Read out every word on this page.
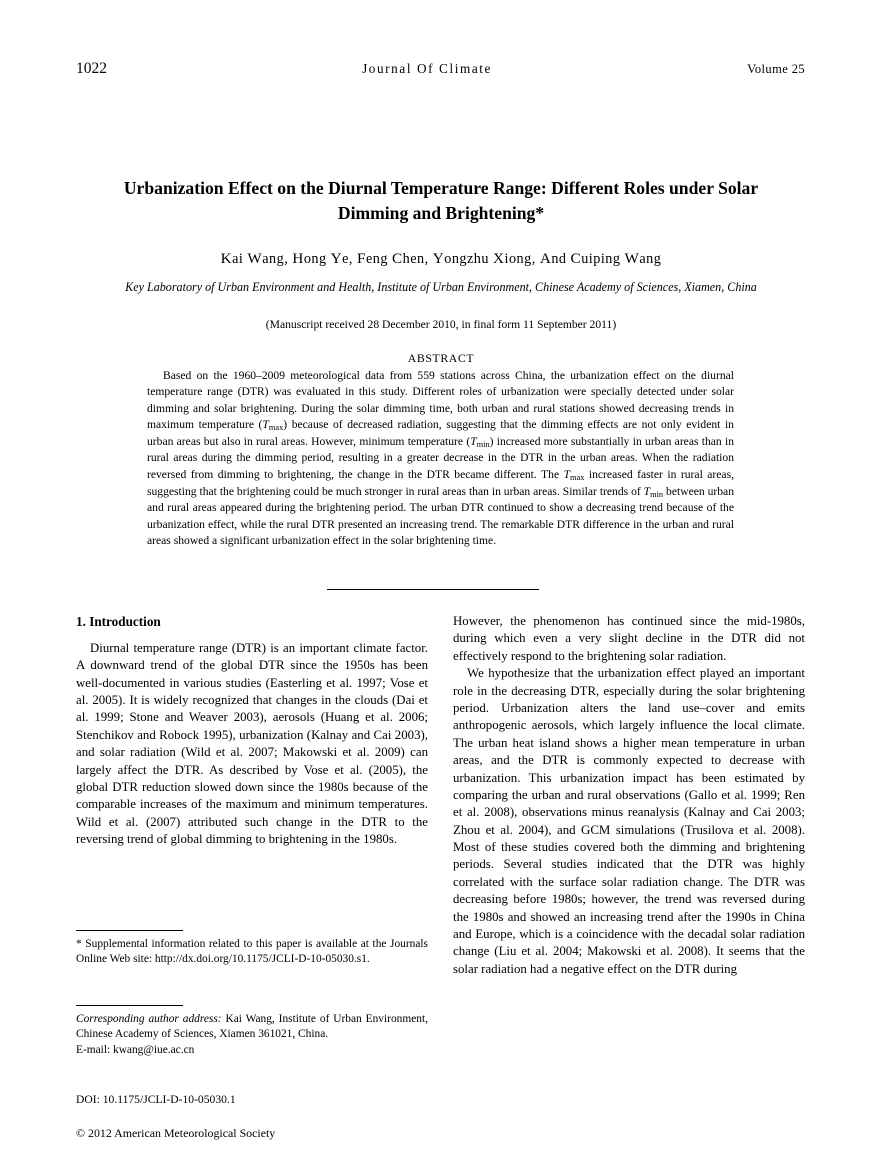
1022	Journal Of Climate	Volume 25
Urbanization Effect on the Diurnal Temperature Range: Different Roles under Solar Dimming and Brightening*
Kai Wang, Hong Ye, Feng Chen, Yongzhu Xiong, And Cuiping Wang
Key Laboratory of Urban Environment and Health, Institute of Urban Environment, Chinese Academy of Sciences, Xiamen, China
(Manuscript received 28 December 2010, in final form 11 September 2011)
ABSTRACT
Based on the 1960–2009 meteorological data from 559 stations across China, the urbanization effect on the diurnal temperature range (DTR) was evaluated in this study. Different roles of urbanization were specially detected under solar dimming and solar brightening. During the solar dimming time, both urban and rural stations showed decreasing trends in maximum temperature $(T_{max})$ because of decreased radiation, suggesting that the dimming effects are not only evident in urban areas but also in rural areas. However, minimum temperature $(T_{min})$ increased more substantially in urban areas than in rural areas during the dimming period, resulting in a greater decrease in the DTR in the urban areas. When the radiation reversed from dimming to brightening, the change in the DTR became different. The $T_{max}$ increased faster in rural areas, suggesting that the brightening could be much stronger in rural areas than in urban areas. Similar trends of $T_{min}$ between urban and rural areas appeared during the brightening period. The urban DTR continued to show a decreasing trend because of the urbanization effect, while the rural DTR presented an increasing trend. The remarkable DTR difference in the urban and rural areas showed a significant urbanization effect in the solar brightening time.
1. Introduction

Diurnal temperature range (DTR) is an important climate factor. A downward trend of the global DTR since the 1950s has been well-documented in various studies (Easterling et al. 1997; Vose et al. 2005). It is widely recognized that changes in the clouds (Dai et al. 1999; Stone and Weaver 2003), aerosols (Huang et al. 2006; Stenchikov and Robock 1995), urbanization (Kalnay and Cai 2003), and solar radiation (Wild et al. 2007; Makowski et al. 2009) can largely affect the DTR. As described by Vose et al. (2005), the global DTR reduction slowed down since the 1980s because of the comparable increases of the maximum and minimum temperatures. Wild et al. (2007) attributed such change in the DTR to the reversing trend of global dimming to brightening in the 1980s.

However, the phenomenon has continued since the mid-1980s, during which even a very slight decline in the DTR did not effectively respond to the brightening solar radiation.

We hypothesize that the urbanization effect played an important role in the decreasing DTR, especially during the solar brightening period. Urbanization alters the land use–cover and emits anthropogenic aerosols, which largely influence the local climate. The urban heat island shows a higher mean temperature in urban areas, and the DTR is commonly expected to decrease with urbanization. This urbanization impact has been estimated by comparing the urban and rural observations (Gallo et al. 1999; Ren et al. 2008), observations minus reanalysis (Kalnay and Cai 2003; Zhou et al. 2004), and GCM simulations (Trusilova et al. 2008). Most of these studies covered both the dimming and brightening periods. Several studies indicated that the DTR was highly correlated with the surface solar radiation change. The DTR was decreasing before 1980s; however, the trend was reversed during the 1980s and showed an increasing trend after the 1990s in China and Europe, which is a coincidence with the decadal solar radiation change (Liu et al. 2004; Makowski et al. 2008). It seems that the solar radiation had a negative effect on the DTR during

* Supplemental information related to this paper is available at the Journals Online Web site: http://dx.doi.org/10.1175/JCLI-D-10-05030.s1.
Corresponding author address: Kai Wang, Institute of Urban Environment, Chinese Academy of Sciences, Xiamen 361021, China.
E-mail: kwang@iue.ac.cn
DOI: 10.1175/JCLI-D-10-05030.1
© 2012 American Meteorological Society
